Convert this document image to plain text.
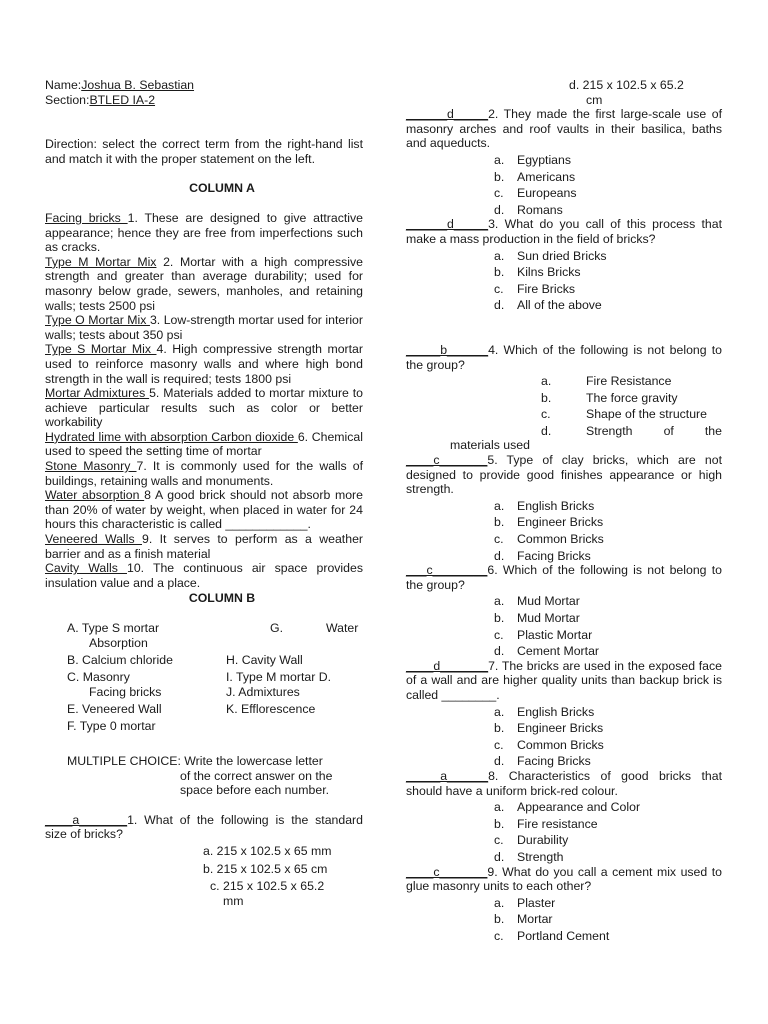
Name:Joshua B. Sebastian
Section:BTLED IA-2
Direction: select the correct term from the right-hand list and match it with the proper statement on the left.
COLUMN A
Facing bricks 1. These are designed to give attractive appearance; hence they are free from imperfections such as cracks.
Type M Mortar Mix 2. Mortar with a high compressive strength and greater than average durability; used for masonry below grade, sewers, manholes, and retaining walls; tests 2500 psi
Type O Mortar Mix 3. Low-strength mortar used for interior walls; tests about 350 psi
Type S Mortar Mix 4. High compressive strength mortar used to reinforce masonry walls and where high bond strength in the wall is required; tests 1800 psi
Mortar Admixtures 5. Materials added to mortar mixture to achieve particular results such as color or better workability
Hydrated lime with absorption Carbon dioxide 6. Chemical used to speed the setting time of mortar
Stone Masonry 7. It is commonly used for the walls of buildings, retaining walls and monuments.
Water absorption 8 A good brick should not absorb more than 20% of water by weight, when placed in water for 24 hours this characteristic is called ____________.
Veneered Walls 9. It serves to perform as a weather barrier and as a finish material
Cavity Walls 10. The continuous air space provides insulation value and a place.
COLUMN B
A. Type S mortar	G.	Water
Absorption
B. Calcium chloride	H. Cavity Wall
C. Masonry	I. Type M mortar D.
Facing bricks	J. Admixtures
E. Veneered Wall	K. Efflorescence
F. Type 0 mortar
MULTIPLE CHOICE: Write the lowercase letter
of the correct answer on the
space before each number.
____a_______1. What of the following is the standard size of bricks?
a. 215 x 102.5 x 65 mm
b. 215 x 102.5 x 65 cm
c. 215 x 102.5 x 65.2
mm
d. 215 x 102.5 x 65.2
cm
______d_____2. They made the first large-scale use of masonry arches and roof vaults in their basilica, baths and aqueducts.
a.	Egyptians
b.	Americans
c.	Europeans
d.	Romans
______d_____3. What do you call of this process that make a mass production in the field of bricks?
a.	Sun dried Bricks
b.	Kilns Bricks
c.	Fire Bricks
d.	All of the above
_____b______4. Which of the following is not belong to the group?
a.	Fire Resistance
b.	The force gravity
c.	Shape of the structure
d.	Strength	of	the
materials used
____c_______5. Type of clay bricks, which are not designed to provide good finishes appearance or high strength.
a.	English Bricks
b.	Engineer Bricks
c.	Common Bricks
d.	Facing Bricks
___c________6. Which of the following is not belong to the group?
a.	Mud Mortar
b.	Mud Mortar
c.	Plastic Mortar
d.	Cement Mortar
____d_______7. The bricks are used in the exposed face of a wall and are higher quality units than backup brick is called ________.
a.	English Bricks
b.	Engineer Bricks
c.	Common Bricks
d.	Facing Bricks
_____a______8. Characteristics of good bricks that should have a uniform brick-red colour.
a.	Appearance and Color
b.	Fire resistance
c.	Durability
d.	Strength
____c_______9. What do you call a cement mix used to glue masonry units to each other?
a.	Plaster
b.	Mortar
c.	Portland Cement
